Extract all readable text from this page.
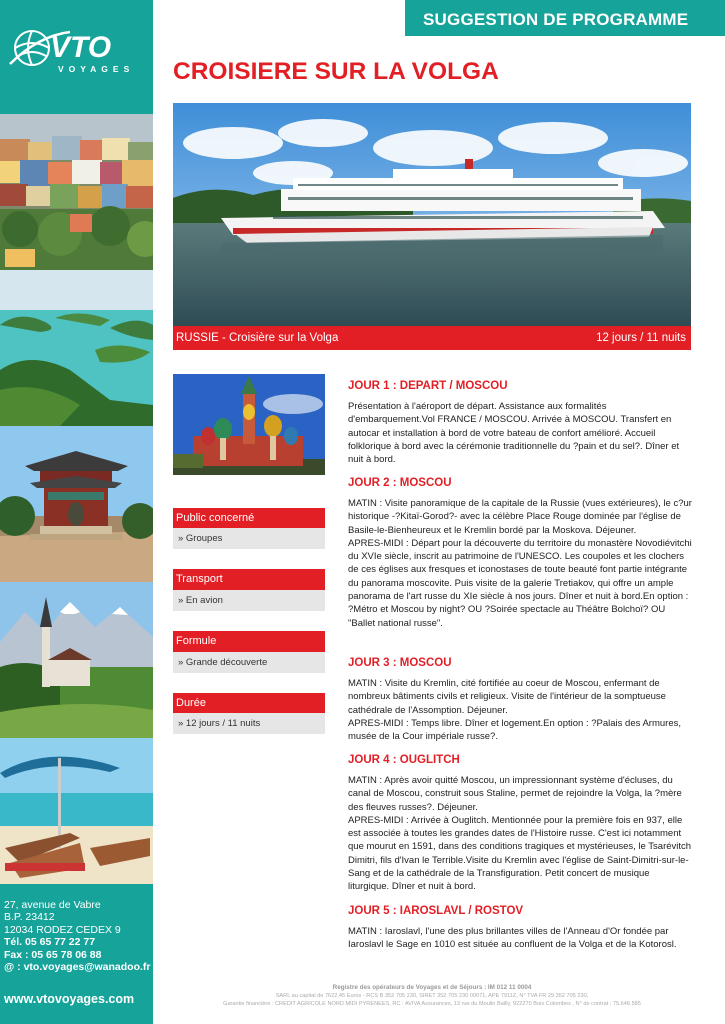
VTO
VOYAGES
27, avenue de Vabre
B.P. 23412
12034 RODEZ CEDEX 9
Tél. 05 65 77 22 77
Fax : 05 65 78 06 88
@ : vto.voyages@wanadoo.fr
www.vtovoyages.com
SUGGESTION DE PROGRAMME
CROISIERE SUR LA VOLGA
RUSSIE - Croisière sur la Volga	12 jours / 11 nuits
Public concerné
» Groupes
Transport
» En avion
Formule
» Grande découverte
Durée
» 12 jours / 11 nuits
JOUR 1 : DEPART / MOSCOU

Présentation à l'aéroport de départ. Assistance aux formalités d'embarquement.Vol FRANCE / MOSCOU. Arrivée à MOSCOU. Transfert en autocar et installation à bord de votre bateau de confort amélioré. Accueil folklorique à bord avec la cérémonie traditionnelle du ?pain et du sel?. Dîner et nuit à bord.

JOUR 2 : MOSCOU

MATIN : Visite panoramique de la capitale de la Russie (vues extérieures), le c?ur historique -?Kitaï-Gorod?- avec la célèbre Place Rouge dominée par l'église de Basile-le-Bienheureux et le Kremlin bordé par la Moskova. Déjeuner.
APRES-MIDI : Départ pour la découverte du territoire du monastère Novodiévitchi du XVIe siècle, inscrit au patrimoine de l'UNESCO. Les coupoles et les clochers de ces églises aux fresques et iconostases de toute beauté font partie intégrante du panorama moscovite. Puis visite de la galerie Tretiakov, qui offre un ample panorama de l'art russe du XIe siècle à nos jours. Dîner et nuit à bord.En option : ?Métro et Moscou by night? OU ?Soirée spectacle au Théâtre Bolchoï? OU "Ballet national russe".

JOUR 3 : MOSCOU

MATIN : Visite du Kremlin, cité fortifiée au coeur de Moscou, enfermant de nombreux bâtiments civils et religieux. Visite de l'intérieur de la somptueuse cathédrale de l'Assomption. Déjeuner.
APRES-MIDI : Temps libre. Dîner et logement.En option : ?Palais des Armures, musée de la Cour impériale russe?.

JOUR 4 : OUGLITCH

MATIN : Après avoir quitté Moscou, un impressionnant système d'écluses, du canal de Moscou, construit sous Staline, permet de rejoindre la Volga, la ?mère des fleuves russes?. Déjeuner.
APRES-MIDI : Arrivée à Ouglitch. Mentionnée pour la première fois en 937, elle est associée à toutes les grandes dates de l'Histoire russe. C'est ici notamment que mourut en 1591, dans des conditions tragiques et mystérieuses, le Tsarévitch Dimitri, fils d'Ivan le Terrible.Visite du Kremlin avec l'église de Saint-Dimitri-sur-le-Sang et de la cathédrale de la Transfiguration. Petit concert de musique liturgique. Dîner et nuit à bord.

JOUR 5 : IAROSLAVL / ROSTOV

MATIN : Iaroslavl, l'une des plus brillantes villes de l'Anneau d'Or fondée par Iaroslavl le Sage en 1010 est située au confluent de la Volga et de la Kotorosl.

Registre des opérateurs de Voyages et de Séjours : IM 012 11 0004
SARL au capital de 7622,45 Euros - RCS B 352 705 230, SIRET 352 705 230 00071, APE 7911Z, N° TVA FR 29 352 705 230,
Garantie financière : CREDIT AGRICOLE NORD MIDI PYRENEES, RC : AVIVA Assurances, 13 rue du Moulin Bailly, 922270 Bois Colombes , N° de contrat : 75.646.585
